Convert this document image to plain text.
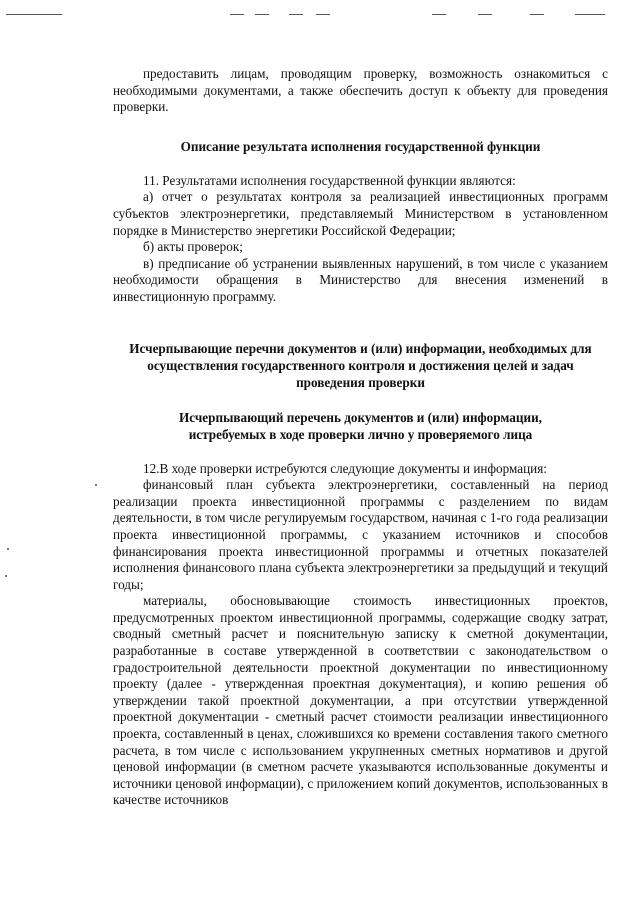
предоставить лицам, проводящим проверку, возможность ознакомиться с необходимыми документами, а также обеспечить доступ к объекту для проведения проверки.

Описание результата исполнения государственной функции

11. Результатами исполнения государственной функции являются:

а) отчет о результатах контроля за реализацией инвестиционных программ субъектов электроэнергетики, представляемый Министерством в установленном порядке в Министерство энергетики Российской Федерации;

б) акты проверок;

в) предписание об устранении выявленных нарушений, в том числе с указанием необходимости обращения в Министерство для внесения изменений в инвестиционную программу.

Исчерпывающие перечни документов и (или) информации, необходимых для осуществления государственного контроля и достижения целей и задач проведения проверки
Исчерпывающий перечень документов и (или) информации, истребуемых в ходе проверки лично у проверяемого лица

12.В ходе проверки истребуются следующие документы и информация:

финансовый план субъекта электроэнергетики, составленный на период реализации проекта инвестиционной программы с разделением по видам деятельности, в том числе регулируемым государством, начиная с 1-го года реализации проекта инвестиционной программы, с указанием источников и способов финансирования проекта инвестиционной программы и отчетных показателей исполнения финансового плана субъекта электроэнергетики за предыдущий и текущий годы;

материалы, обосновывающие стоимость инвестиционных проектов, предусмотренных проектом инвестиционной программы, содержащие сводку затрат, сводный сметный расчет и пояснительную записку к сметной документации, разработанные в составе утвержденной в соответствии с законодательством о градостроительной деятельности проектной документации по инвестиционному проекту (далее - утвержденная проектная документация), и копию решения об утверждении такой проектной документации, а при отсутствии утвержденной проектной документации - сметный расчет стоимости реализации инвестиционного проекта, составленный в ценах, сложившихся ко времени составления такого сметного расчета, в том числе с использованием укрупненных сметных нормативов и другой ценовой информации (в сметном расчете указываются использованные документы и источники ценовой информации), с приложением копий документов, использованных в качестве источников
